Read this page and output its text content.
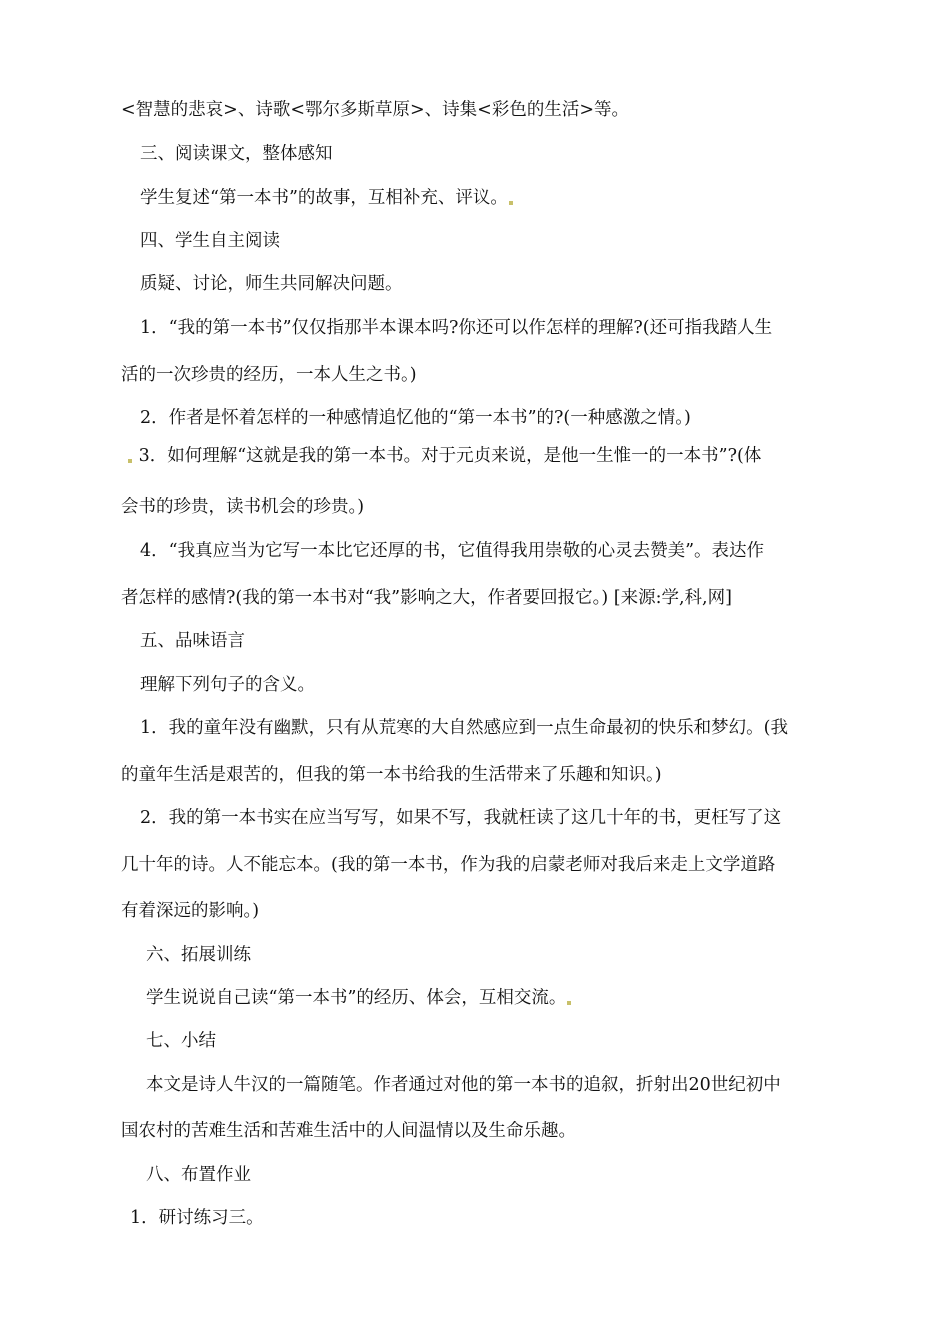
<智慧的悲哀>、诗歌<鄂尔多斯草原>、诗集<彩色的生活>等。
三、阅读课文，整体感知
学生复述“第一本书”的故事，互相补充、评议。
四、学生自主阅读
质疑、讨论，师生共同解决问题。
1．“我的第一本书”仅仅指那半本课本吗?你还可以作怎样的理解?(还可指我踏人生
活的一次珍贵的经历，一本人生之书。)
2．作者是怀着怎样的一种感情追忆他的“第一本书”的?(一种感激之情。)
3．如何理解“这就是我的第一本书。对于元贞来说，是他一生惟一的一本书”?(体
会书的珍贵，读书机会的珍贵。)
4．“我真应当为它写一本比它还厚的书，它值得我用崇敬的心灵去赞美”。表达作
者怎样的感情?(我的第一本书对“我”影响之大，作者要回报它。) [来源:学,科,网]
五、品味语言
理解下列句子的含义。
1．我的童年没有幽默，只有从荒寒的大自然感应到一点生命最初的快乐和梦幻。(我
的童年生活是艰苦的，但我的第一本书给我的生活带来了乐趣和知识。)
2．我的第一本书实在应当写写，如果不写，我就枉读了这几十年的书，更枉写了这
几十年的诗。人不能忘本。(我的第一本书，作为我的启蒙老师对我后来走上文学道路
有着深远的影响。)
六、拓展训练
学生说说自己读“第一本书”的经历、体会，互相交流。
七、小结
本文是诗人牛汉的一篇随笔。作者通过对他的第一本书的追叙，折射出20世纪初中
国农村的苦难生活和苦难生活中的人间温情以及生命乐趣。
八、布置作业
1．研讨练习三。
